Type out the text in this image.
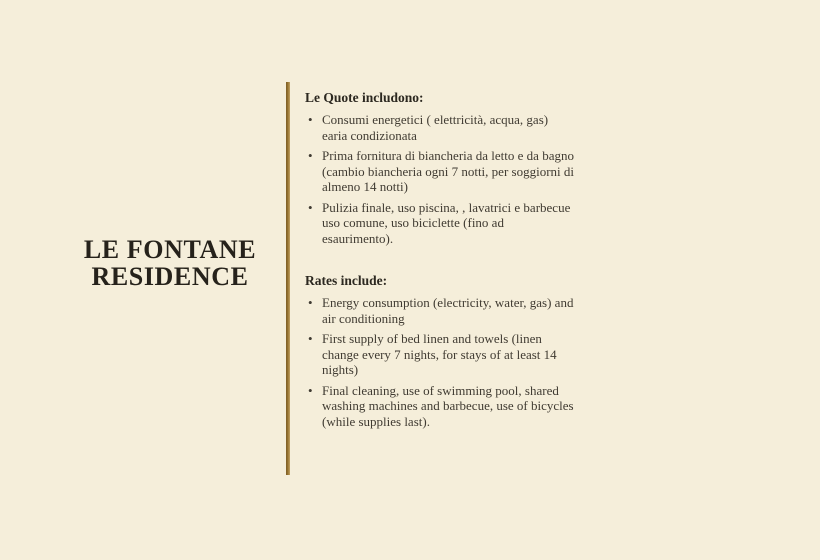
LE FONTANE
RESIDENCE
Le Quote includono:
• Consumi energetici ( elettricità, acqua, gas) earia condizionata
• Prima fornitura di biancheria da letto e da bagno (cambio biancheria ogni 7 notti, per soggiorni di almeno 14 notti)
• Pulizia finale, uso piscina, , lavatrici e barbecue uso comune, uso biciclette (fino ad esaurimento).
Rates include:
• Energy consumption (electricity, water, gas) and air conditioning
• First supply of bed linen and towels (linen change every 7 nights, for stays of at least 14 nights)
• Final cleaning, use of swimming pool, shared washing machines and barbecue, use of bicycles (while supplies last).
